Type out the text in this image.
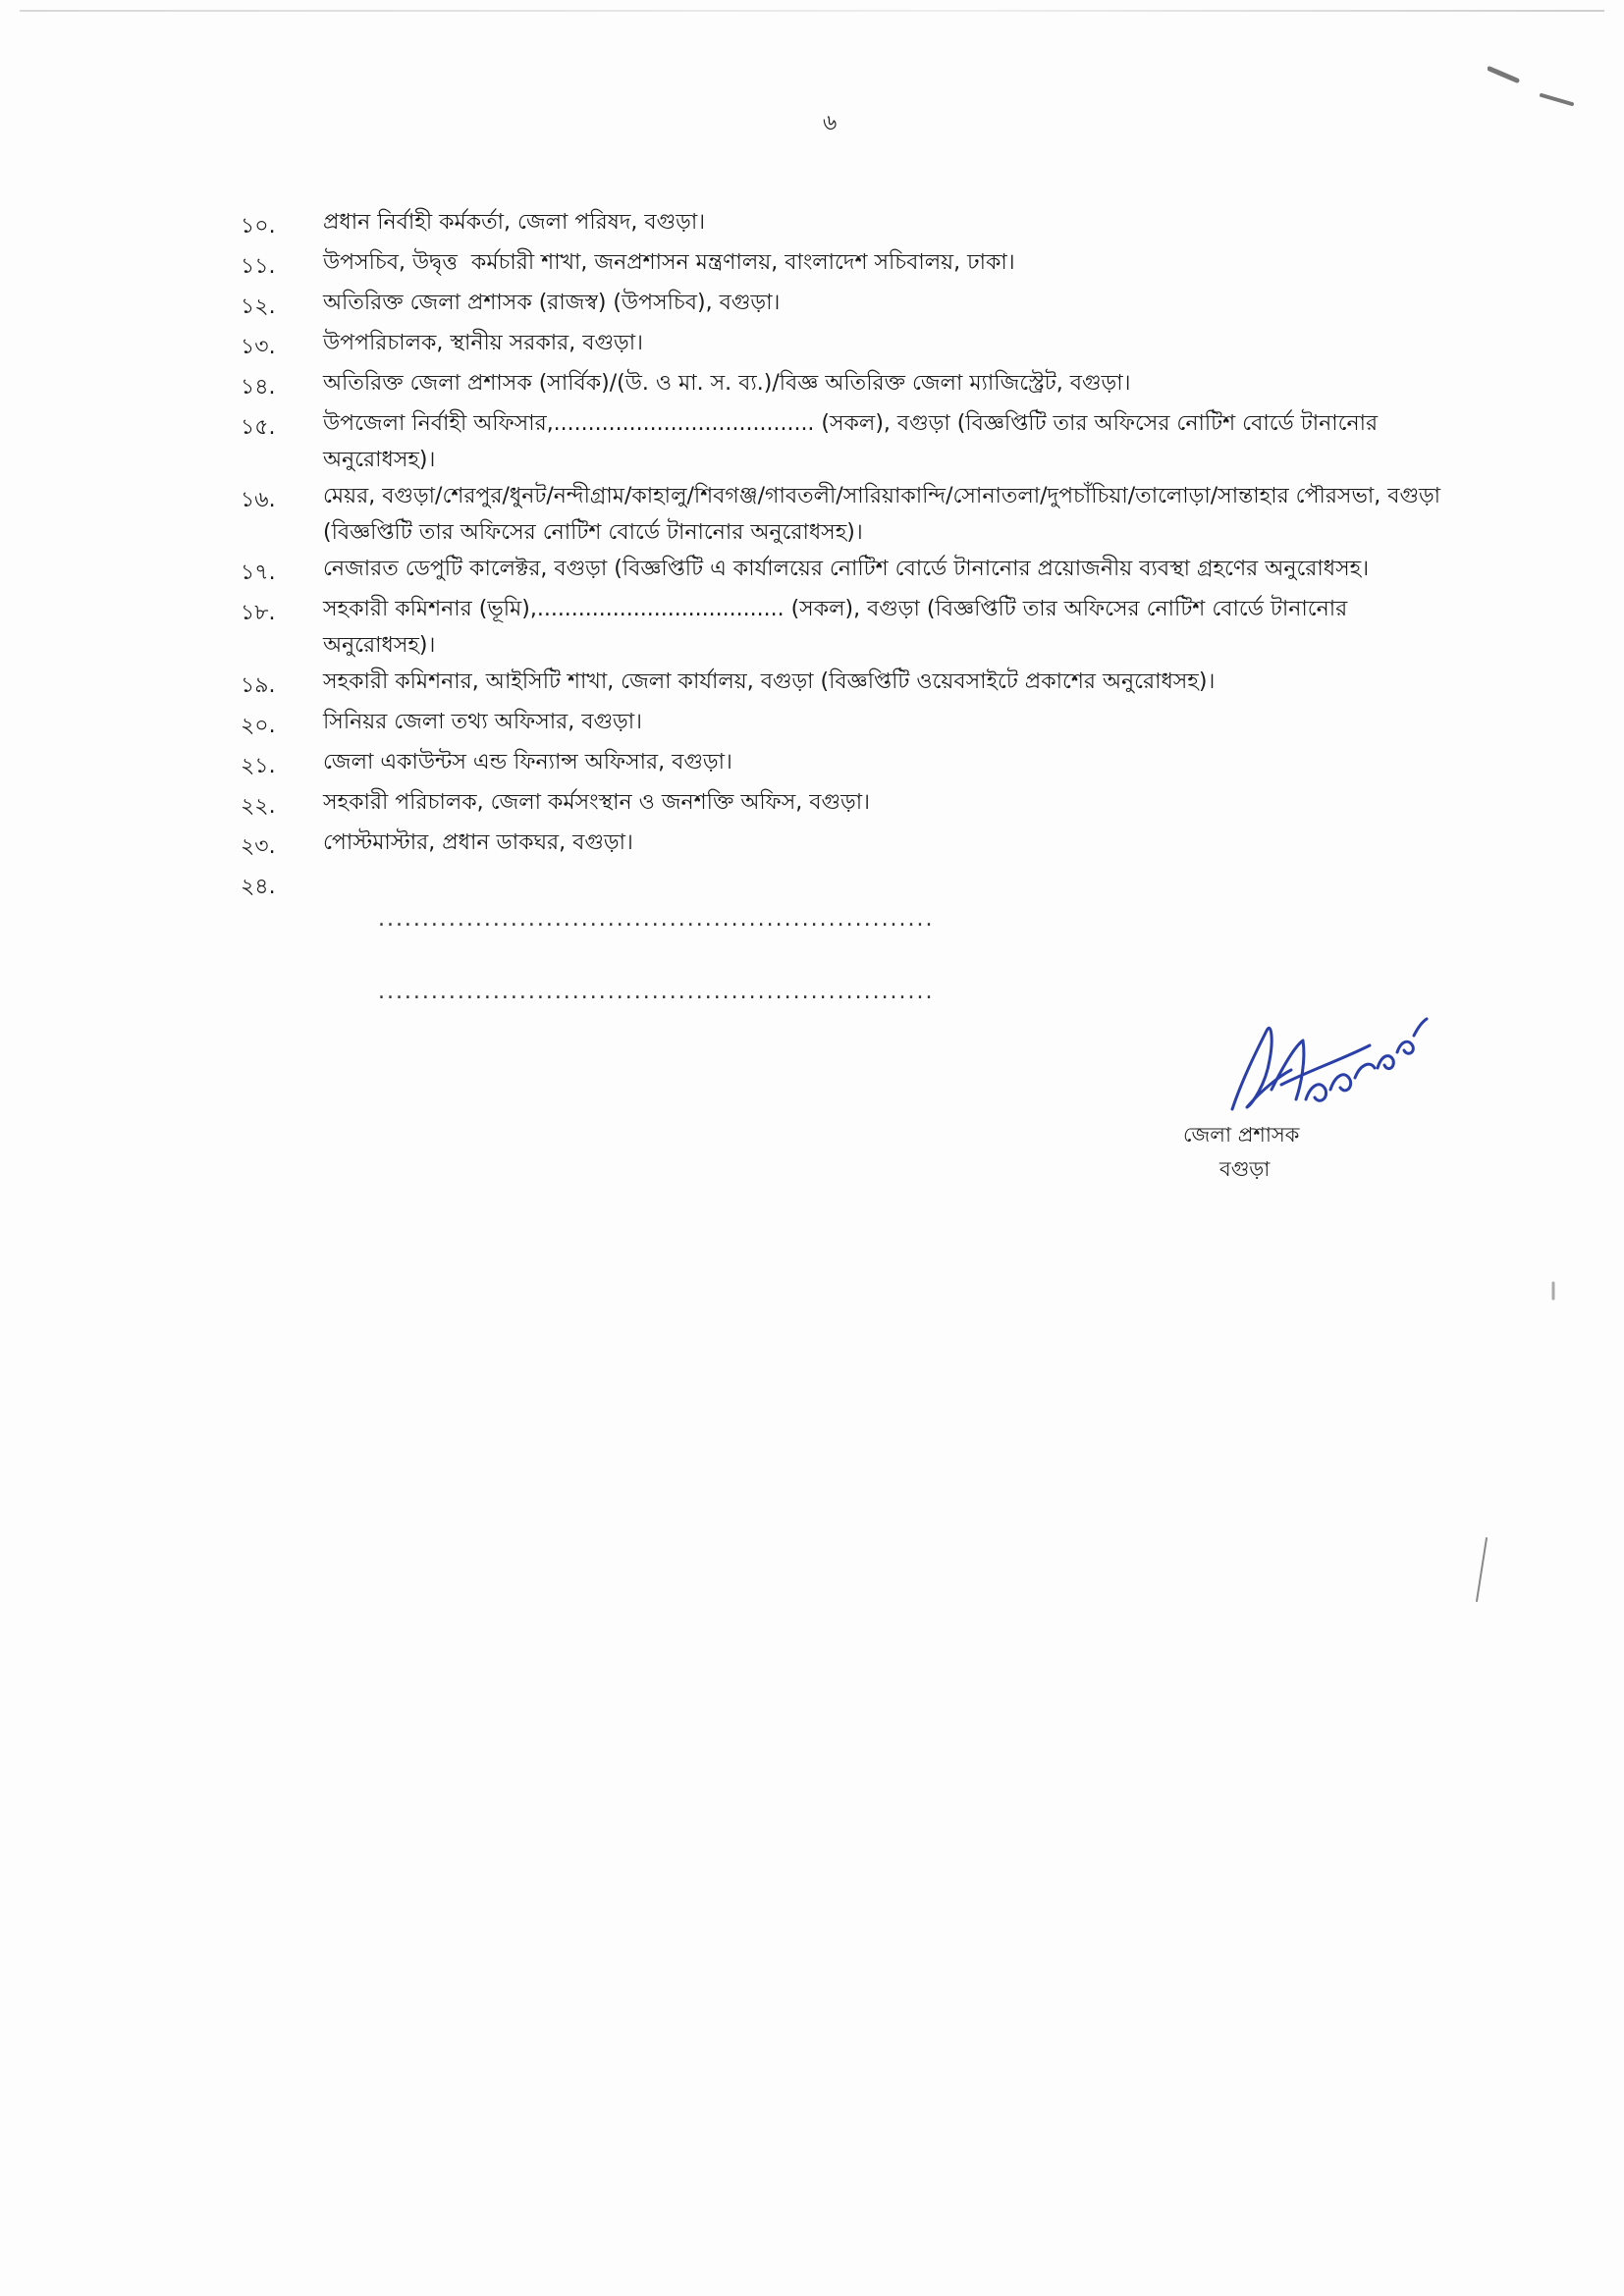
৬
১০.	প্রধান নির্বাহী কর্মকর্তা, জেলা পরিষদ, বগুড়া।
১১.	উপসচিব, উদ্বৃত্ত  কর্মচারী শাখা, জনপ্রশাসন মন্ত্রণালয়, বাংলাদেশ সচিবালয়, ঢাকা।
১২.	অতিরিক্ত জেলা প্রশাসক (রাজস্ব) (উপসচিব), বগুড়া।
১৩.	উপপরিচালক, স্থানীয় সরকার, বগুড়া।
১৪.	অতিরিক্ত জেলা প্রশাসক (সার্বিক)/(উ. ও মা. স. ব্য.)/বিজ্ঞ অতিরিক্ত জেলা ম্যাজিস্ট্রেট, বগুড়া।
১৫.	উপজেলা নির্বাহী অফিসার,...................................... (সকল), বগুড়া (বিজ্ঞপ্তিটি তার অফিসের নোটিশ বোর্ডে টানানোর অনুরোধসহ)।
১৬.	মেয়র, বগুড়া/শেরপুর/ধুনট/নন্দীগ্রাম/কাহালু/শিবগঞ্জ/গাবতলী/সারিয়াকান্দি/সোনাতলা/দুপচাঁচিয়া/তালোড়া/সান্তাহার পৌরসভা, বগুড়া (বিজ্ঞপ্তিটি তার অফিসের নোটিশ বোর্ডে টানানোর অনুরোধসহ)।
১৭.	নেজারত ডেপুটি কালেক্টর, বগুড়া (বিজ্ঞপ্তিটি এ কার্যালয়ের নোটিশ বোর্ডে টানানোর প্রয়োজনীয় ব্যবস্থা গ্রহণের অনুরোধসহ।
১৮.	সহকারী কমিশনার (ভূমি),.................................... (সকল), বগুড়া (বিজ্ঞপ্তিটি তার অফিসের নোটিশ বোর্ডে টানানোর অনুরোধসহ)।
১৯.	সহকারী কমিশনার, আইসিটি শাখা, জেলা কার্যালয়, বগুড়া (বিজ্ঞপ্তিটি ওয়েবসাইটে প্রকাশের অনুরোধসহ)।
২০.	সিনিয়র জেলা তথ্য অফিসার, বগুড়া।
২১.	জেলা একাউন্টস এন্ড ফিন্যান্স অফিসার, বগুড়া।
২২.	সহকারী পরিচালক, জেলা কর্মসংস্থান ও জনশক্তি অফিস, বগুড়া।
২৩.	পোস্টমাস্টার, প্রধান ডাকঘর, বগুড়া।
২৪.

...............................................................

...............................................................

জেলা প্রশাসক
বগুড়া
